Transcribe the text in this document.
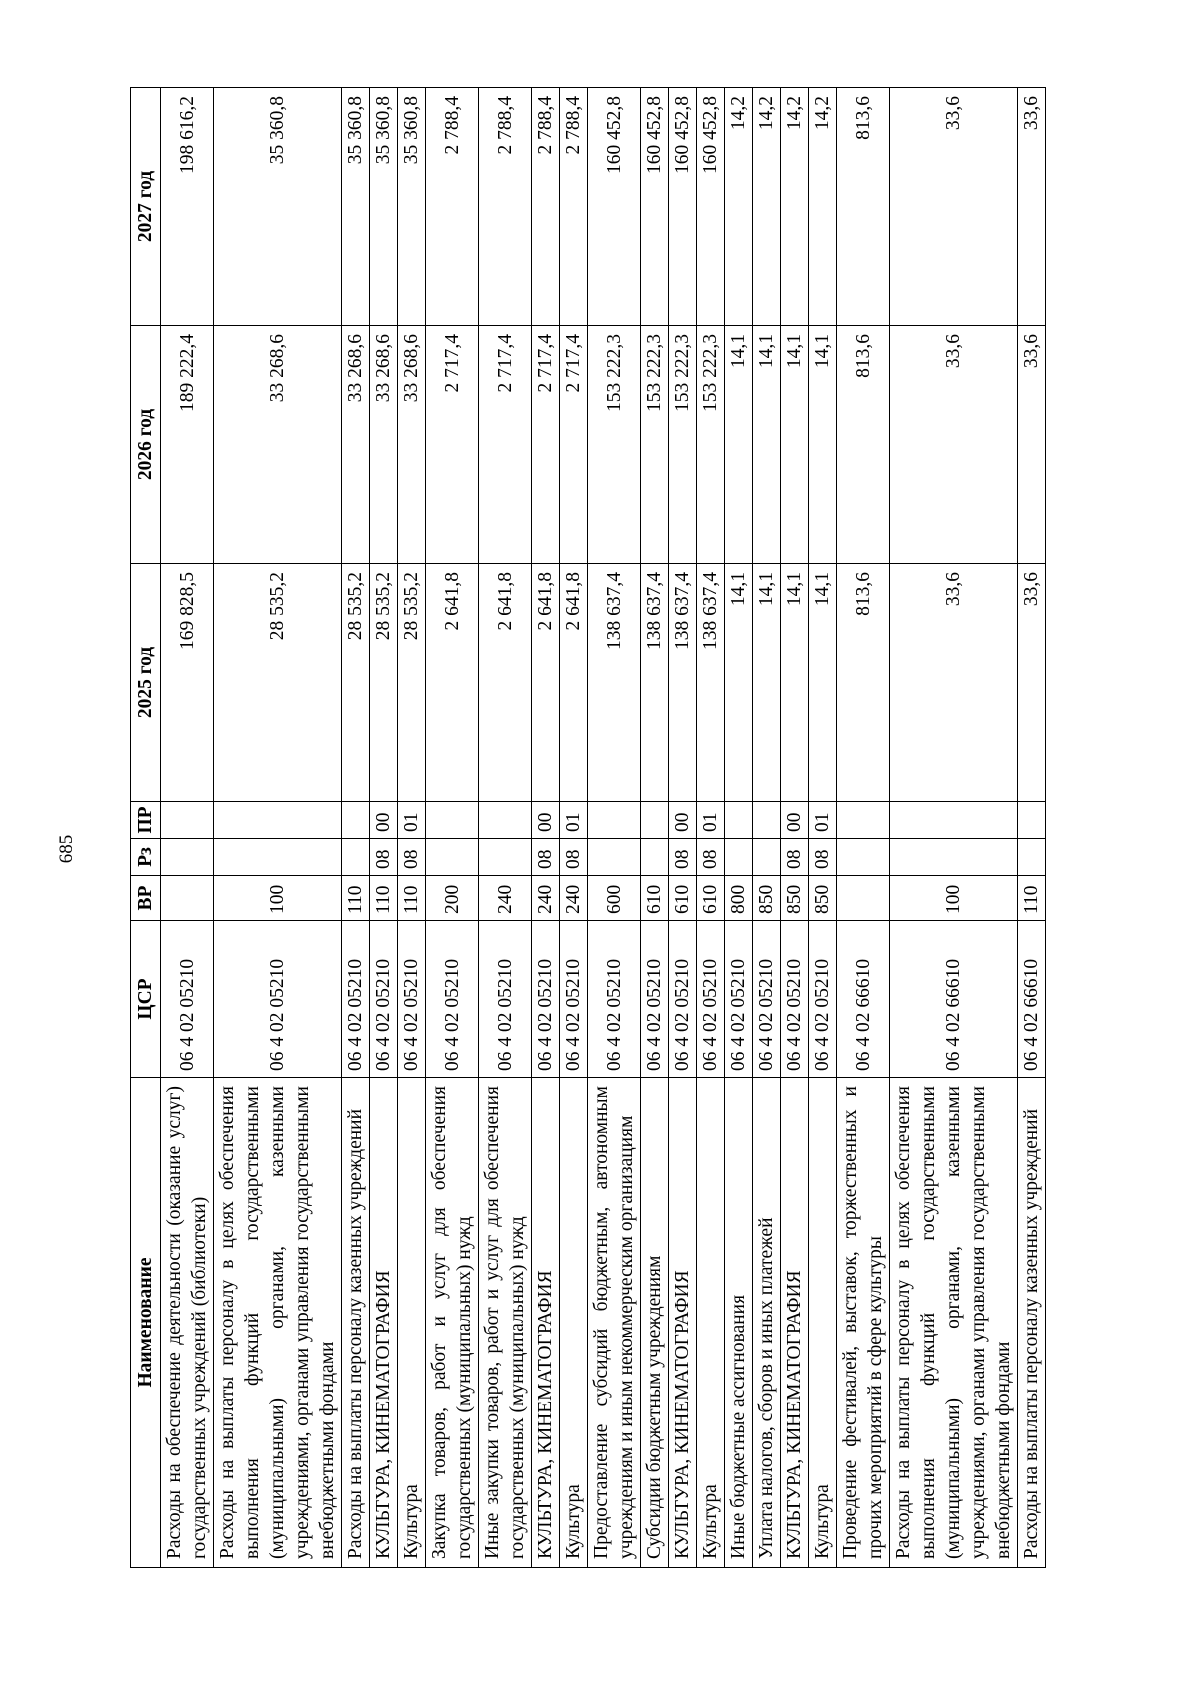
685
Наименование	ЦСР	ВР	Рз	ПР	2025 год	2026 год	2027 год
Расходы на обеспечение деятельности (оказание услуг) государственных учреждений (библиотеки)	06 4 02 05210				169 828,5	189 222,4	198 616,2
Расходы на выплаты персоналу в целях обеспечения выполнения функций государственными (муниципальными) органами, казенными учреждениями, органами управления государственными внебюджетными фондами	06 4 02 05210	100			28 535,2	33 268,6	35 360,8
Расходы на выплаты персоналу казенных учреждений	06 4 02 05210	110			28 535,2	33 268,6	35 360,8
КУЛЬТУРА, КИНЕМАТОГРАФИЯ	06 4 02 05210	110	08	00	28 535,2	33 268,6	35 360,8
Культура	06 4 02 05210	110	08	01	28 535,2	33 268,6	35 360,8
Закупка товаров, работ и услуг для обеспечения государственных (муниципальных) нужд	06 4 02 05210	200			2 641,8	2 717,4	2 788,4
Иные закупки товаров, работ и услуг для обеспечения государственных (муниципальных) нужд	06 4 02 05210	240			2 641,8	2 717,4	2 788,4
КУЛЬТУРА, КИНЕМАТОГРАФИЯ	06 4 02 05210	240	08	00	2 641,8	2 717,4	2 788,4
Культура	06 4 02 05210	240	08	01	2 641,8	2 717,4	2 788,4
Предоставление субсидий бюджетным, автономным учреждениям и иным некоммерческим организациям	06 4 02 05210	600			138 637,4	153 222,3	160 452,8
Субсидии бюджетным учреждениям	06 4 02 05210	610			138 637,4	153 222,3	160 452,8
КУЛЬТУРА, КИНЕМАТОГРАФИЯ	06 4 02 05210	610	08	00	138 637,4	153 222,3	160 452,8
Культура	06 4 02 05210	610	08	01	138 637,4	153 222,3	160 452,8
Иные бюджетные ассигнования	06 4 02 05210	800			14,1	14,1	14,2
Уплата налогов, сборов и иных платежей	06 4 02 05210	850			14,1	14,1	14,2
КУЛЬТУРА, КИНЕМАТОГРАФИЯ	06 4 02 05210	850	08	00	14,1	14,1	14,2
Культура	06 4 02 05210	850	08	01	14,1	14,1	14,2
Проведение фестивалей, выставок, торжественных и прочих мероприятий в сфере культуры	06 4 02 66610				813,6	813,6	813,6
Расходы на выплаты персоналу в целях обеспечения выполнения функций государственными (муниципальными) органами, казенными учреждениями, органами управления государственными внебюджетными фондами	06 4 02 66610	100			33,6	33,6	33,6
Расходы на выплаты персоналу казенных учреждений	06 4 02 66610	110			33,6	33,6	33,6
